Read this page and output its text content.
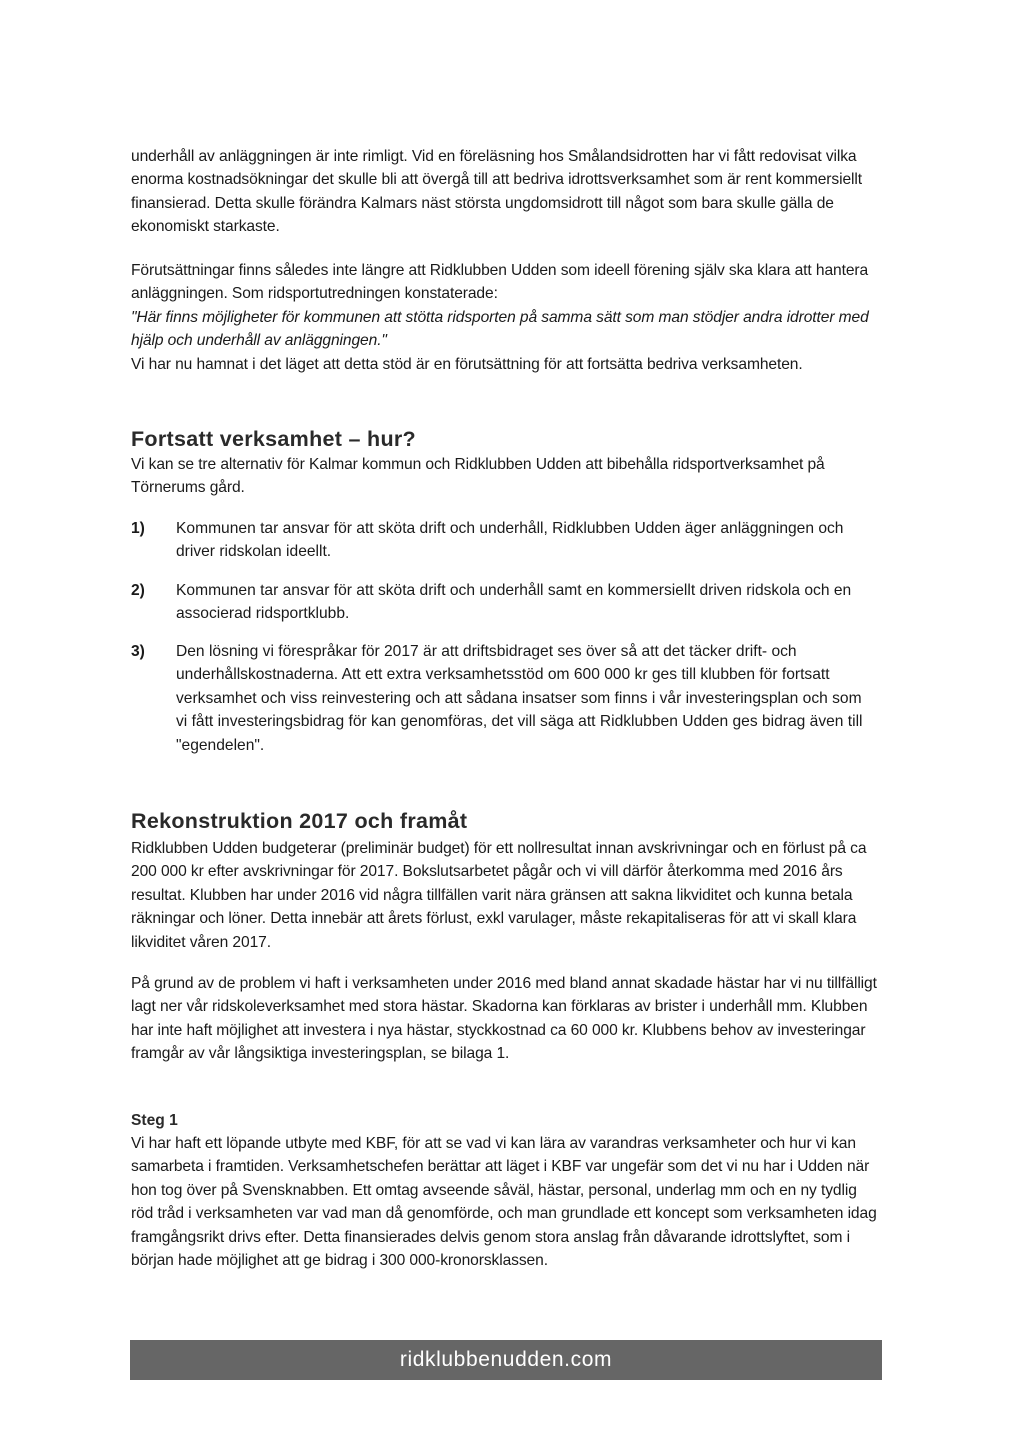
underhåll av anläggningen är inte rimligt. Vid en föreläsning hos Smålandsidrotten har vi fått redovisat vilka enorma kostnadsökningar det skulle bli att övergå till att bedriva idrottsverksamhet som är rent kommersiellt finansierad. Detta skulle förändra Kalmars näst största ungdomsidrott till något som bara skulle gälla de ekonomiskt starkaste.

Förutsättningar finns således inte längre att Ridklubben Udden som ideell förening själv ska klara att hantera anläggningen. Som ridsportutredningen konstaterade:

"Här finns möjligheter för kommunen att stötta ridsporten på samma sätt som man stödjer andra idrotter med hjälp och underhåll av anläggningen."

Vi har nu hamnat i det läget att detta stöd är en förutsättning för att fortsätta bedriva verksamheten.

Fortsatt verksamhet – hur?

Vi kan se tre alternativ för Kalmar kommun och Ridklubben Udden att bibehålla ridsportverksamhet på Törnerums gård.

1) Kommunen tar ansvar för att sköta drift och underhåll, Ridklubben Udden äger anläggningen och driver ridskolan ideellt.
2) Kommunen tar ansvar för att sköta drift och underhåll samt en kommersiellt driven ridskola och en associerad ridsportklubb.
3) Den lösning vi förespråkar för 2017 är att driftsbidraget ses över så att det täcker drift- och underhållskostnaderna. Att ett extra verksamhetsstöd om 600 000 kr ges till klubben för fortsatt verksamhet och viss reinvestering och att sådana insatser som finns i vår investeringsplan och som vi fått investeringsbidrag för kan genomföras, det vill säga att Ridklubben Udden ges bidrag även till "egendelen".
Rekonstruktion 2017 och framåt

Ridklubben Udden budgeterar (preliminär budget) för ett nollresultat innan avskrivningar och en förlust på ca 200 000 kr efter avskrivningar för 2017. Bokslutsarbetet pågår och vi vill därför återkomma med 2016 års resultat. Klubben har under 2016 vid några tillfällen varit nära gränsen att sakna likviditet och kunna betala räkningar och löner. Detta innebär att årets förlust, exkl varulager, måste rekapitaliseras för att vi skall klara likviditet våren 2017.

På grund av de problem vi haft i verksamheten under 2016 med bland annat skadade hästar har vi nu tillfälligt lagt ner vår ridskoleverksamhet med stora hästar. Skadorna kan förklaras av brister i underhåll mm. Klubben har inte haft möjlighet att investera i nya hästar, styckkostnad ca 60 000 kr. Klubbens behov av investeringar framgår av vår långsiktiga investeringsplan, se bilaga 1.

Steg 1

Vi har haft ett löpande utbyte med KBF, för att se vad vi kan lära av varandras verksamheter och hur vi kan samarbeta i framtiden. Verksamhetschefen berättar att läget i KBF var ungefär som det vi nu har i Udden när hon tog över på Svensknabben. Ett omtag avseende såväl, hästar, personal, underlag mm och en ny tydlig röd tråd i verksamheten var vad man då genomförde, och man grundlade ett koncept som verksamheten idag framgångsrikt drivs efter. Detta finansierades delvis genom stora anslag från dåvarande idrottslyftet, som i början hade möjlighet att ge bidrag i 300 000-kronorsklassen.

ridklubbenudden.com
